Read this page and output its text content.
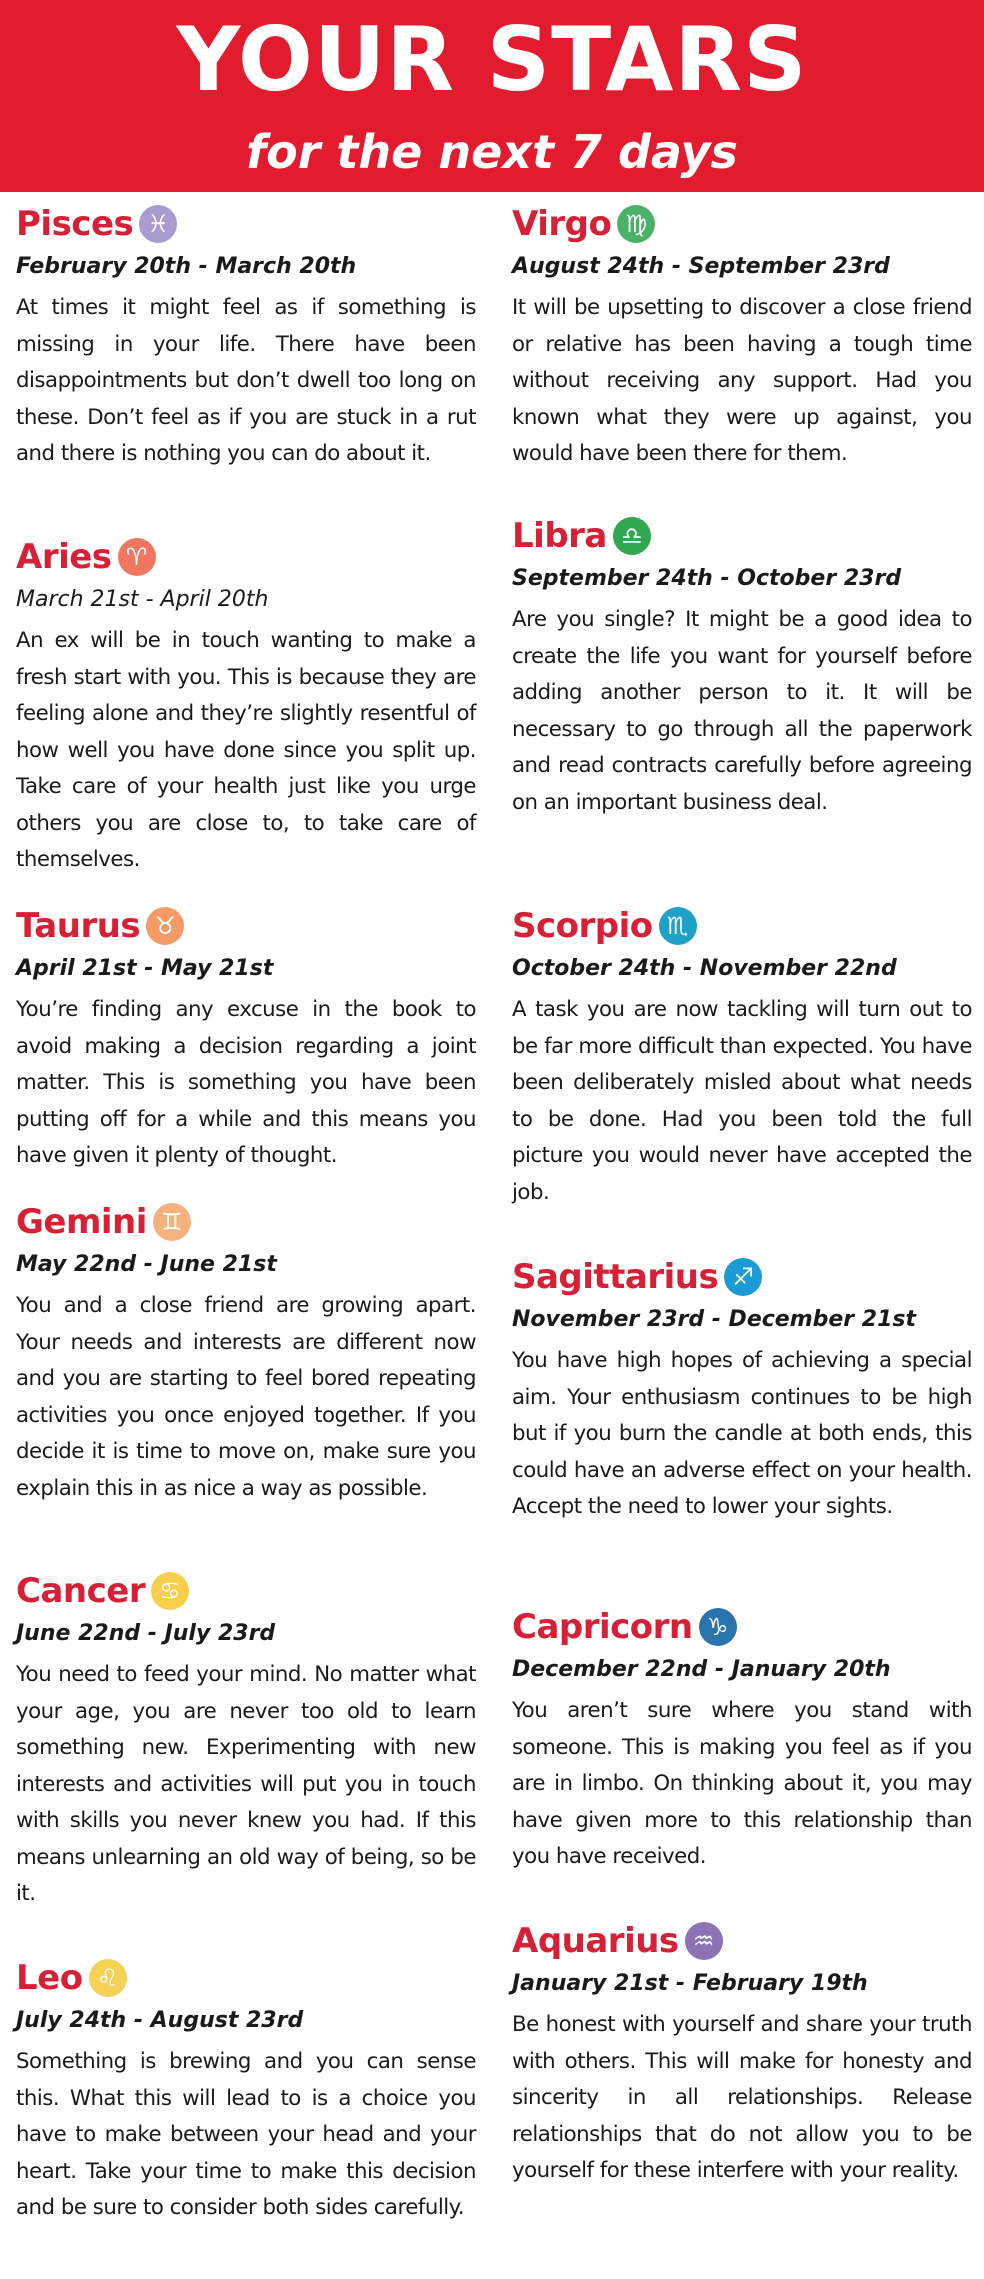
YOUR STARS
for the next 7 days
Pisces ♓
February 20th - March 20th
At times it might feel as if something is missing in your life. There have been disappointments but don’t dwell too long on these. Don’t feel as if you are stuck in a rut and there is nothing you can do about it.
Aries ♈
March 21st - April 20th
An ex will be in touch wanting to make a fresh start with you. This is because they are feeling alone and they’re slightly resentful of how well you have done since you split up. Take care of your health just like you urge others you are close to, to take care of themselves.
Taurus ♉
April 21st - May 21st
You’re finding any excuse in the book to avoid making a decision regarding a joint matter. This is something you have been putting off for a while and this means you have given it plenty of thought.
Gemini ♊
May 22nd - June 21st
You and a close friend are growing apart. Your needs and interests are different now and you are starting to feel bored repeating activities you once enjoyed together. If you decide it is time to move on, make sure you explain this in as nice a way as possible.
Cancer ♋
June 22nd - July 23rd
You need to feed your mind. No matter what your age, you are never too old to learn something new. Experimenting with new interests and activities will put you in touch with skills you never knew you had. If this means unlearning an old way of being, so be it.
Leo ♌
July 24th - August 23rd
Something is brewing and you can sense this. What this will lead to is a choice you have to make between your head and your heart. Take your time to make this decision and be sure to consider both sides carefully.
Virgo ♍
August 24th - September 23rd
It will be upsetting to discover a close friend or relative has been having a tough time without receiving any support. Had you known what they were up against, you would have been there for them.
Libra ♎
September 24th - October 23rd
Are you single? It might be a good idea to create the life you want for yourself before adding another person to it. It will be necessary to go through all the paperwork and read contracts carefully before agreeing on an important business deal.
Scorpio ♏
October 24th - November 22nd
A task you are now tackling will turn out to be far more difficult than expected. You have been deliberately misled about what needs to be done. Had you been told the full picture you would never have accepted the job.
Sagittarius ♐
November 23rd - December 21st
You have high hopes of achieving a special aim. Your enthusiasm continues to be high but if you burn the candle at both ends, this could have an adverse effect on your health. Accept the need to lower your sights.
Capricorn ♑
December 22nd - January 20th
You aren’t sure where you stand with someone. This is making you feel as if you are in limbo. On thinking about it, you may have given more to this relationship than you have received.
Aquarius ♒
January 21st - February 19th
Be honest with yourself and share your truth with others. This will make for honesty and sincerity in all relationships. Release relationships that do not allow you to be yourself for these interfere with your reality.
